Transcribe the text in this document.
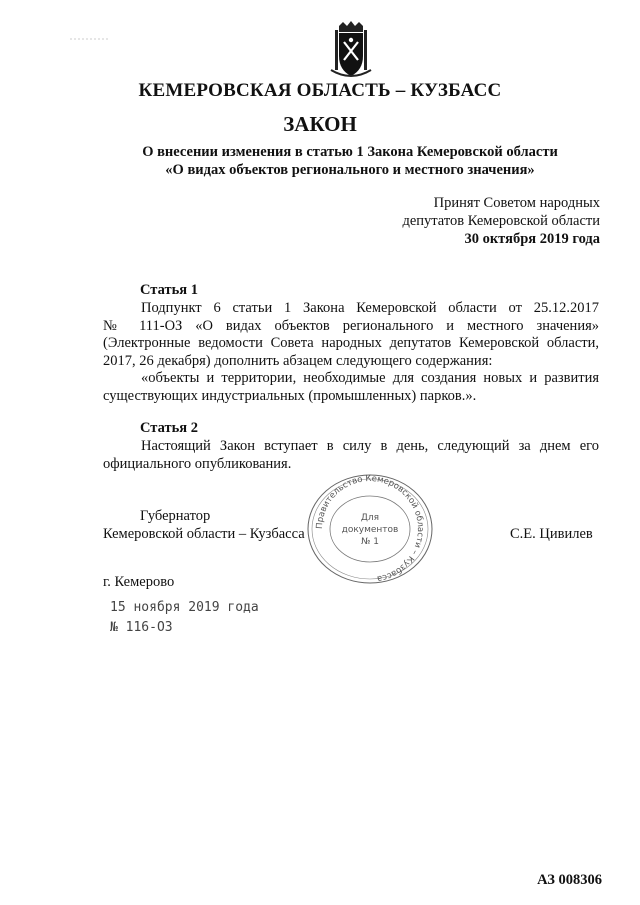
КЕМЕРОВСКАЯ ОБЛАСТЬ – КУЗБАСС
ЗАКОН
О внесении изменения в статью 1 Закона Кемеровской области
«О видах объектов регионального и местного значения»
Принят Советом народных
депутатов Кемеровской области
30 октября 2019 года
Статья 1
Подпункт 6 статьи 1 Закона Кемеровской области от 25.12.2017
№ 111-ОЗ «О видах объектов регионального и местного значения»
(Электронные ведомости Совета народных депутатов Кемеровской области,
2017, 26 декабря) дополнить абзацем следующего содержания:
«объекты и территории, необходимые для создания новых и развития
существующих индустриальных (промышленных) парков.».
Статья 2
Настоящий Закон вступает в силу в день, следующий за днем его
официального опубликования.
Губернатор
Кемеровской области – Кузбасса	С.Е. Цивилев
Правительство Кемеровской области – Кузбасса
Для
документов
№ 1
г. Кемерово
15 ноября 2019 года
№ 116-ОЗ
АЗ 008306
